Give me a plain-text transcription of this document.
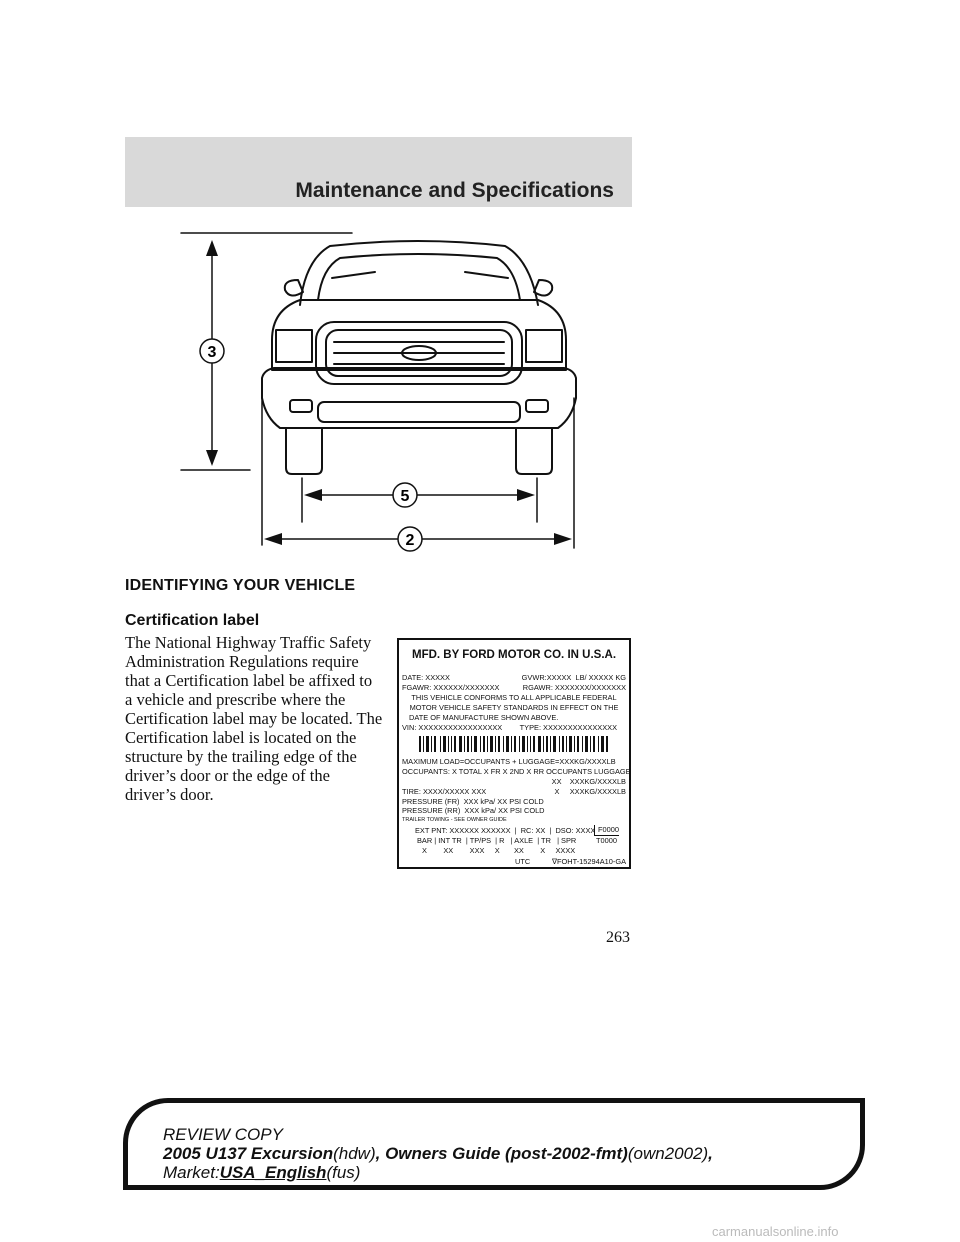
Maintenance and Specifications
3
5
2
IDENTIFYING YOUR VEHICLE
Certification label
The National Highway Traffic Safety Administration Regulations require that a Certification label be affixed to a vehicle and prescribe where the Certification label may be located. The Certification label is located on the structure by the trailing edge of the driver’s door or the edge of the driver’s door.
MFD. BY FORD MOTOR CO. IN U.S.A.
DATE: XXXXX	GVWR:XXXXX  LB/ XXXXX KG
FGAWR: XXXXXX/XXXXXXX	RGAWR: XXXXXXX/XXXXXXX
THIS VEHICLE CONFORMS TO ALL APPLICABLE FEDERAL
MOTOR VEHICLE SAFETY STANDARDS IN EFFECT ON THE
DATE OF MANUFACTURE SHOWN ABOVE.
VIN: XXXXXXXXXXXXXXXXX	TYPE: XXXXXXXXXXXXXXX
MAXIMUM LOAD=OCCUPANTS + LUGGAGE=XXXKG/XXXXLB
OCCUPANTS: X TOTAL X FR X 2ND X RR OCCUPANTS LUGGAGE
XX    XXXKG/XXXXLB
TIRE: XXXX/XXXXX XXX	X     XXXKG/XXXXLB
PRESSURE (FR)  XXX kPa/ XX PSI COLD
PRESSURE (RR)  XXX kPa/ XX PSI COLD
TRAILER TOWING - SEE OWNER GUIDE
EXT PNT: XXXXXX XXXXXX  |  RC: XX  |  DSO: XXXX F0000
BAR | INT TR  | TP/PS  | R   | AXLE  | TR   | SPR	T0000
X        XX        XXX     X       XX        X     XXXX
UTC	∇FOHT-15294A10-GA
263
REVIEW COPY
2005 U137 Excursion(hdw), Owners Guide (post-2002-fmt)(own2002),
Market:USA_English(fus)
carmanualsonline.info
